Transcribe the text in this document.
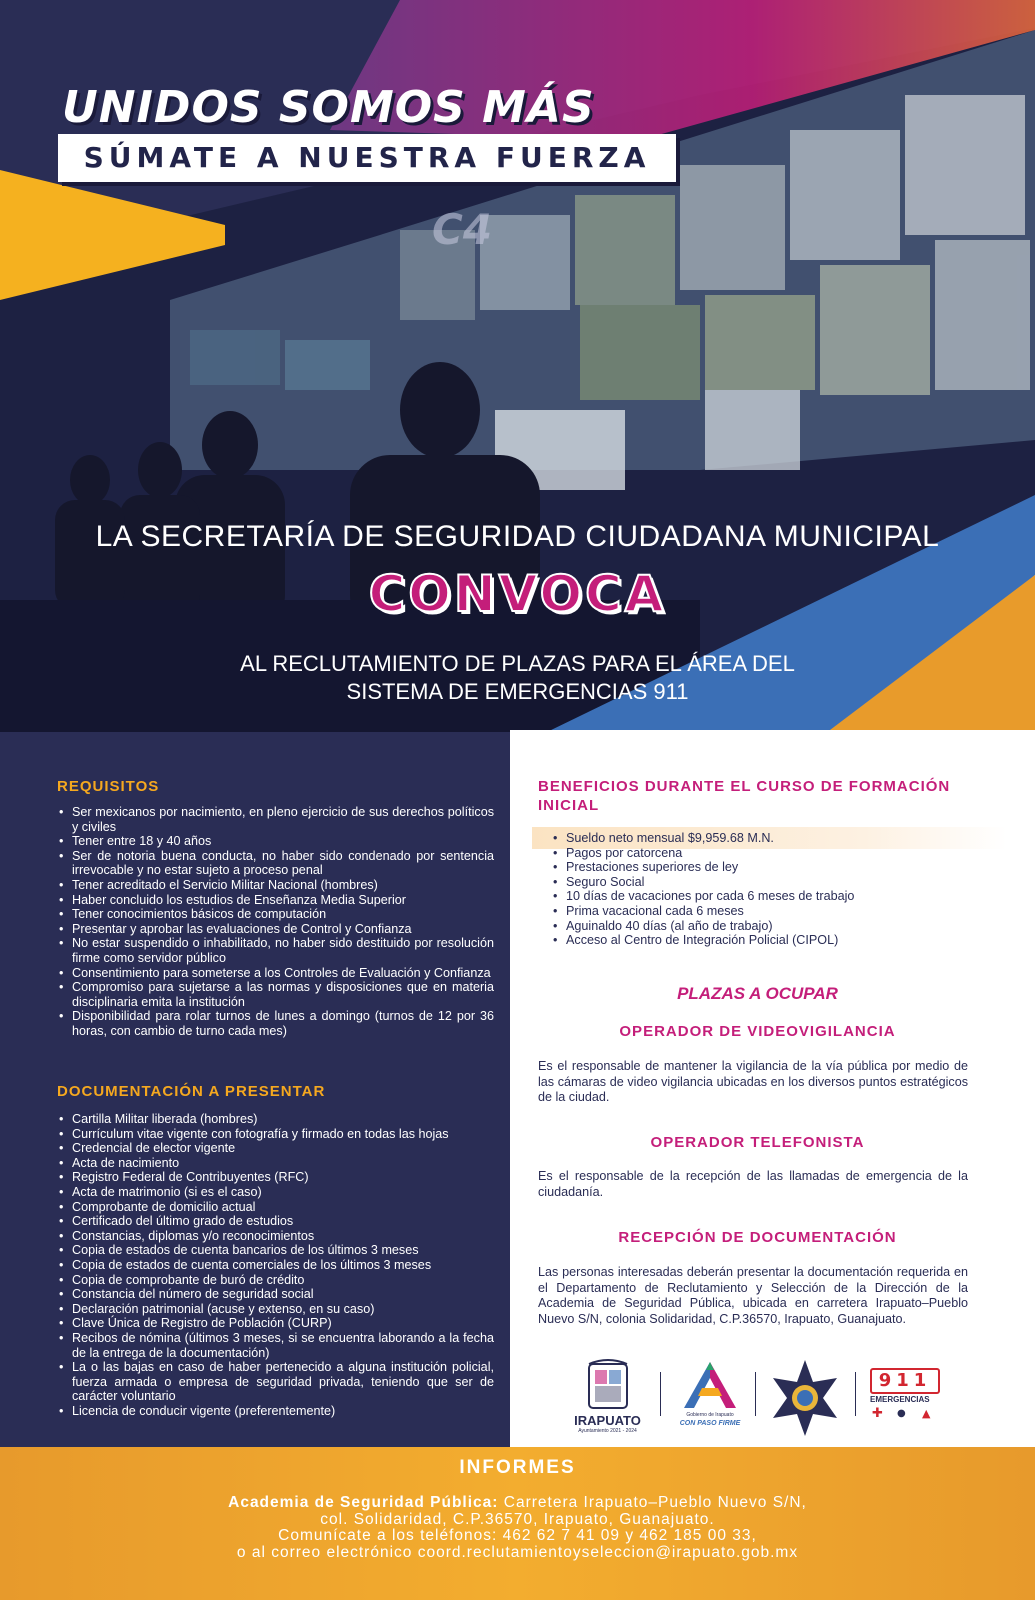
UNIDOS SOMOS MÁS
SÚMATE A NUESTRA FUERZA
C4
LA SECRETARÍA DE SEGURIDAD CIUDADANA MUNICIPAL
CONVOCA
AL RECLUTAMIENTO DE PLAZAS PARA EL ÁREA DEL
SISTEMA DE EMERGENCIAS 911
REQUISITOS
• Ser mexicanos por nacimiento, en pleno ejercicio de sus derechos políticos y civiles
• Tener entre 18 y 40 años
• Ser de notoria buena conducta, no haber sido condenado por sentencia irrevocable y no estar sujeto a proceso penal
• Tener acreditado el Servicio Militar Nacional (hombres)
• Haber concluido los estudios de Enseñanza Media Superior
• Tener conocimientos básicos de computación
• Presentar y aprobar las evaluaciones de Control y Confianza
• No estar suspendido o inhabilitado, no haber sido destituido por resolución firme como servidor público
• Consentimiento para someterse a los Controles de Evaluación y Confianza
• Compromiso para sujetarse a las normas y disposiciones que en materia disciplinaria emita la institución
• Disponibilidad para rolar turnos de lunes a domingo (turnos de 12 por 36 horas, con cambio de turno cada mes)
DOCUMENTACIÓN A PRESENTAR
• Cartilla Militar liberada (hombres)
• Currículum vitae vigente con fotografía y firmado en todas las hojas
• Credencial de elector vigente
• Acta de nacimiento
• Registro Federal de Contribuyentes (RFC)
• Acta de matrimonio (si es el caso)
• Comprobante de domicilio actual
• Certificado del último grado de estudios
• Constancias, diplomas y/o reconocimientos
• Copia de estados de cuenta bancarios de los últimos 3 meses
• Copia de estados de cuenta comerciales de los últimos 3 meses
• Copia de comprobante de buró de crédito
• Constancia del número de seguridad social
• Declaración patrimonial (acuse y extenso, en su caso)
• Clave Única de Registro de Población (CURP)
• Recibos de nómina (últimos 3 meses, si se encuentra laborando a la fecha de la entrega de la documentación)
• La o las bajas en caso de haber pertenecido a alguna institución policial, fuerza armada o empresa de seguridad privada, teniendo que ser de carácter voluntario
• Licencia de conducir vigente (preferentemente)
BENEFICIOS DURANTE EL CURSO DE FORMACIÓN INICIAL
• Sueldo neto mensual $9,959.68 M.N.
• Pagos por catorcena
• Prestaciones superiores de ley
• Seguro Social
• 10 días de vacaciones por cada 6 meses de trabajo
• Prima vacacional cada 6 meses
• Aguinaldo 40 días (al año de trabajo)
• Acceso al Centro de Integración Policial (CIPOL)
PLAZAS A OCUPAR
OPERADOR DE VIDEOVIGILANCIA
Es el responsable de mantener la vigilancia de la vía pública por medio de las cámaras de video vigilancia ubicadas en los diversos puntos estratégicos de la ciudad.
OPERADOR TELEFONISTA
Es el responsable de la recepción de las llamadas de emergencia de la ciudadanía.
RECEPCIÓN DE DOCUMENTACIÓN
Las personas interesadas deberán presentar la documentación requerida en el Departamento de Reclutamiento y Selección de la Dirección de la Academia de Seguridad Pública, ubicada en carretera Irapuato–Pueblo Nuevo S/N, colonia Solidaridad, C.P.36570, Irapuato, Guanajuato.
IRAPUATO
Ayuntamiento 2021 - 2024
Gobierno de Irapuato
CON PASO FIRME
911
EMERGENCIAS
✚ ● ▲
INFORMES
Academia de Seguridad Pública: Carretera Irapuato–Pueblo Nuevo S/N,
col. Solidaridad, C.P.36570, Irapuato, Guanajuato.
Comunícate a los teléfonos: 462 62 7 41 09 y 462 185 00 33,
o al correo electrónico coord.reclutamientoyseleccion@irapuato.gob.mx
